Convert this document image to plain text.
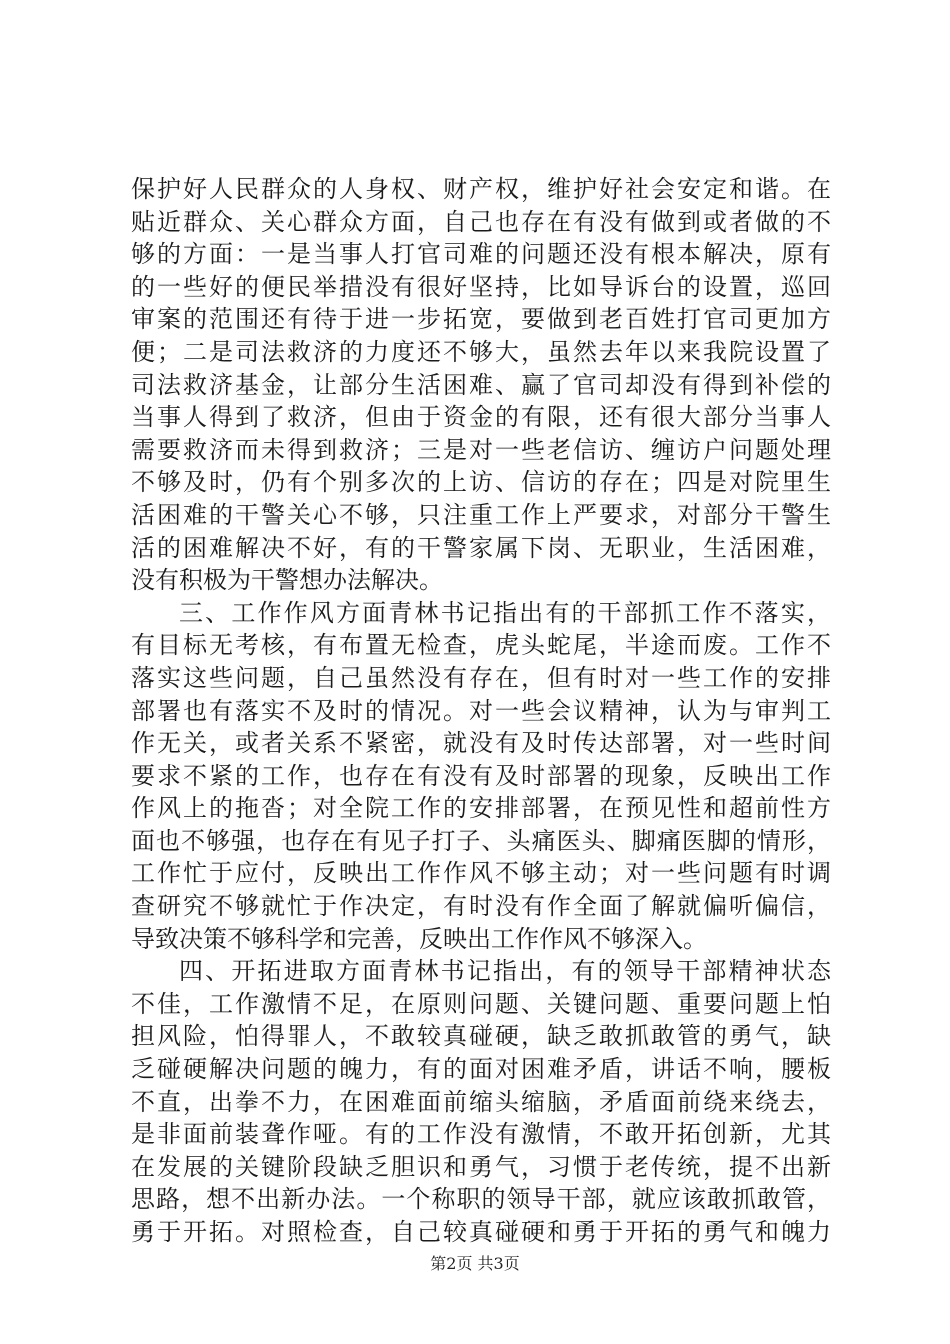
保护好人民群众的人身权、财产权，维护好社会安定和谐。在
贴近群众、关心群众方面，自己也存在有没有做到或者做的不
够的方面：一是当事人打官司难的问题还没有根本解决，原有
的一些好的便民举措没有很好坚持，比如导诉台的设置，巡回
审案的范围还有待于进一步拓宽，要做到老百姓打官司更加方
便；二是司法救济的力度还不够大，虽然去年以来我院设置了
司法救济基金，让部分生活困难、赢了官司却没有得到补偿的
当事人得到了救济，但由于资金的有限，还有很大部分当事人
需要救济而未得到救济；三是对一些老信访、缠访户问题处理
不够及时，仍有个别多次的上访、信访的存在；四是对院里生
活困难的干警关心不够，只注重工作上严要求，对部分干警生
活的困难解决不好，有的干警家属下岗、无职业，生活困难，
没有积极为干警想办法解决。
三、工作作风方面青林书记指出有的干部抓工作不落实，
有目标无考核，有布置无检查，虎头蛇尾，半途而废。工作不
落实这些问题，自己虽然没有存在，但有时对一些工作的安排
部署也有落实不及时的情况。对一些会议精神，认为与审判工
作无关，或者关系不紧密，就没有及时传达部署，对一些时间
要求不紧的工作，也存在有没有及时部署的现象，反映出工作
作风上的拖沓；对全院工作的安排部署，在预见性和超前性方
面也不够强，也存在有见子打子、头痛医头、脚痛医脚的情形，
工作忙于应付，反映出工作作风不够主动；对一些问题有时调
查研究不够就忙于作决定，有时没有作全面了解就偏听偏信，
导致决策不够科学和完善，反映出工作作风不够深入。
四、开拓进取方面青林书记指出，有的领导干部精神状态
不佳，工作激情不足，在原则问题、关键问题、重要问题上怕
担风险，怕得罪人，不敢较真碰硬，缺乏敢抓敢管的勇气，缺
乏碰硬解决问题的魄力，有的面对困难矛盾，讲话不响，腰板
不直，出拳不力，在困难面前缩头缩脑，矛盾面前绕来绕去，
是非面前装聋作哑。有的工作没有激情，不敢开拓创新，尤其
在发展的关键阶段缺乏胆识和勇气，习惯于老传统，提不出新
思路，想不出新办法。一个称职的领导干部，就应该敢抓敢管，
勇于开拓。对照检查，自己较真碰硬和勇于开拓的勇气和魄力
第2页 共3页
